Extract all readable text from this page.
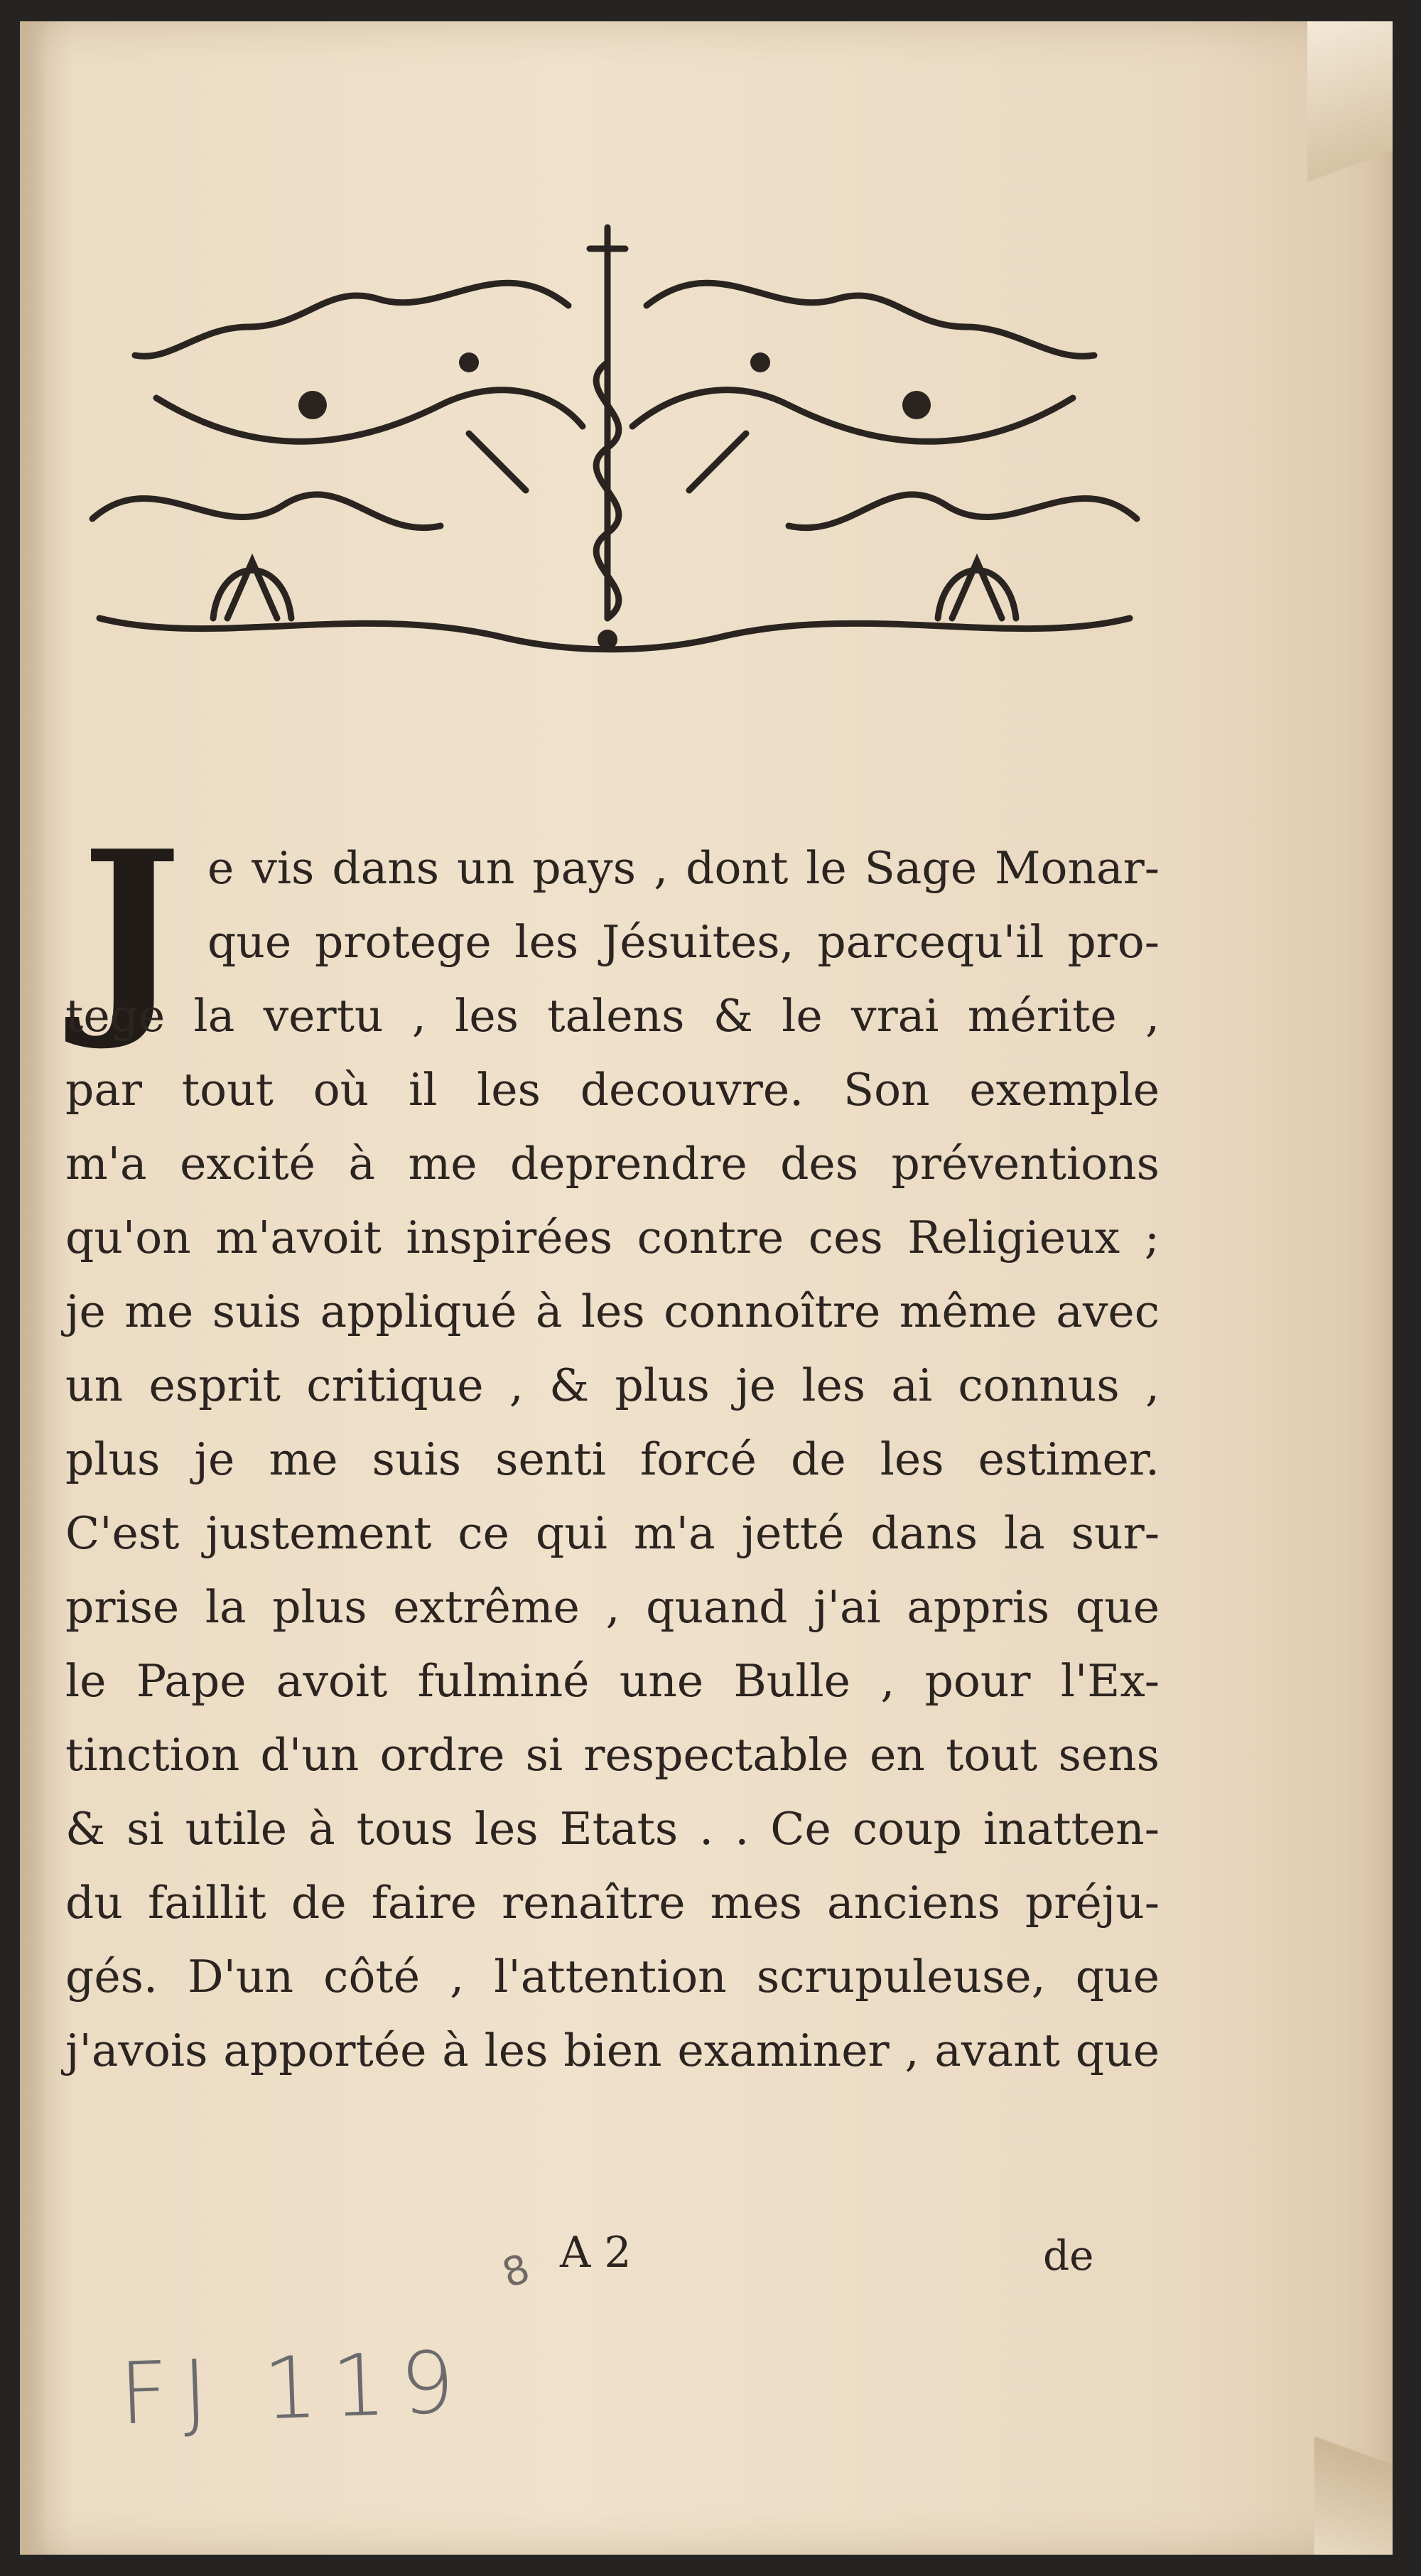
J e vis dans un pays , dont le Sage Monar-
que protege les Jésuites, parcequ'il pro-
tege la vertu , les talens & le vrai mérite ,
par tout où il les decouvre. Son exemple
m'a excité à me deprendre des préventions
qu'on m'avoit inspirées contre ces Religieux ;
je me suis appliqué à les connoître même avec
un esprit critique , & plus je les ai connus ,
plus je me suis senti forcé de les estimer.
C'est justement ce qui m'a jetté dans la sur-
prise la plus extrême , quand j'ai appris que
le Pape avoit fulminé une Bulle , pour l'Ex-
tinction d'un ordre si respectable en tout sens
& si utile à tous les Etats . . Ce coup inatten-
du faillit de faire renaître mes anciens préju-
gés. D'un côté , l'attention scrupuleuse, que
j'avois apportée à les bien examiner , avant que
8 A 2	de
FJ 119
